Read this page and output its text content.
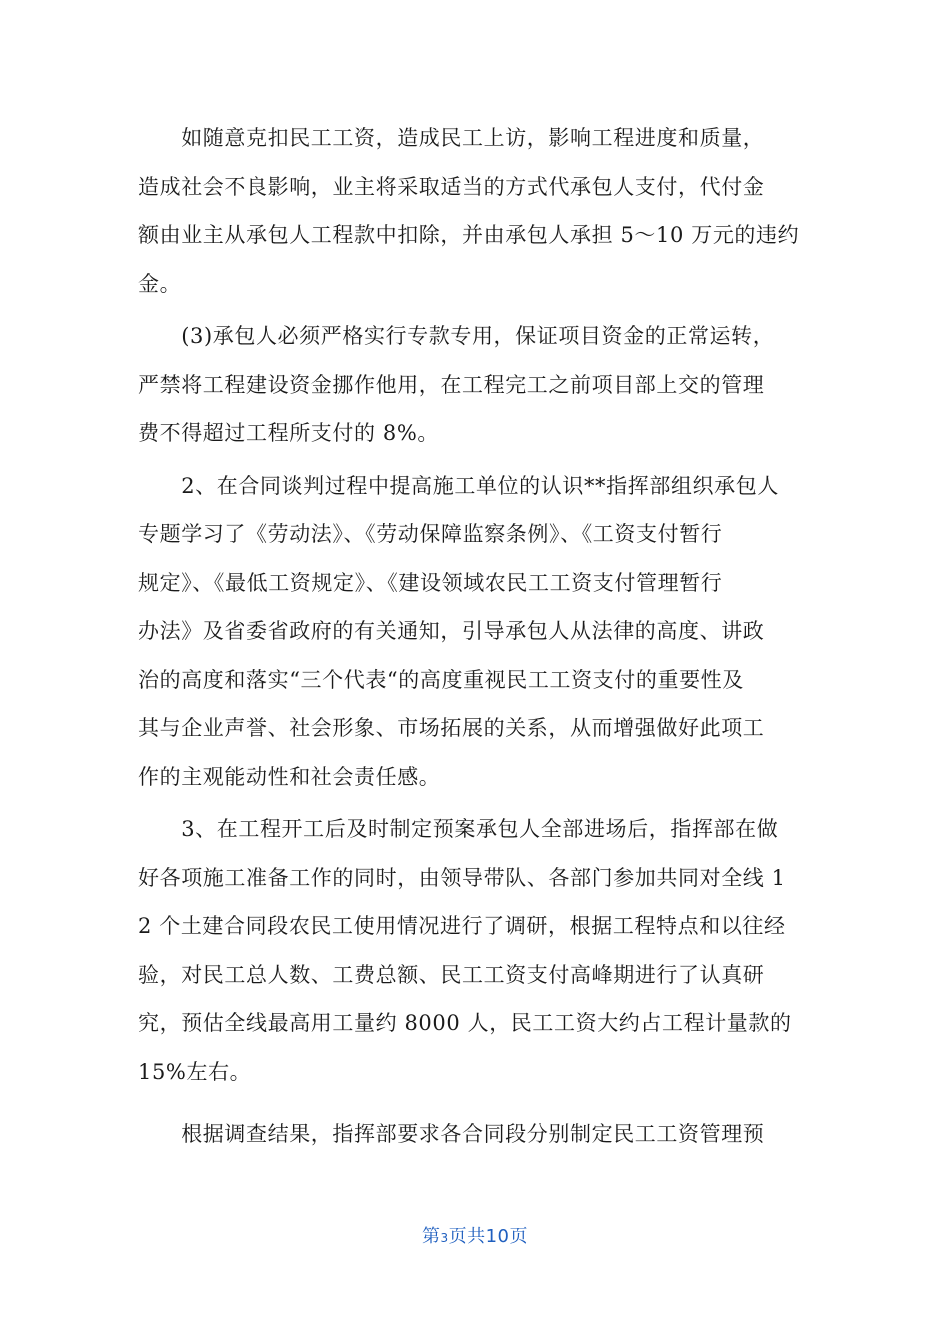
　　如随意克扣民工工资，造成民工上访，影响工程进度和质量，
造成社会不良影响，业主将采取适当的方式代承包人支付，代付金
额由业主从承包人工程款中扣除，并由承包人承担 5～10 万元的违约
金。

　　(3)承包人必须严格实行专款专用，保证项目资金的正常运转，
严禁将工程建设资金挪作他用，在工程完工之前项目部上交的管理
费不得超过工程所支付的 8%。

　　2、在合同谈判过程中提高施工单位的认识**指挥部组织承包人
专题学习了《劳动法》、《劳动保障监察条例》、《工资支付暂行
规定》、《最低工资规定》、《建设领域农民工工资支付管理暂行
办法》及省委省政府的有关通知，引导承包人从法律的高度、讲政
治的高度和落实“三个代表“的高度重视民工工资支付的重要性及
其与企业声誉、社会形象、市场拓展的关系，从而增强做好此项工
作的主观能动性和社会责任感。

　　3、在工程开工后及时制定预案承包人全部进场后，指挥部在做
好各项施工准备工作的同时，由领导带队、各部门参加共同对全线 1
2 个土建合同段农民工使用情况进行了调研，根据工程特点和以往经
验，对民工总人数、工费总额、民工工资支付高峰期进行了认真研
究，预估全线最高用工量约 8000 人，民工工资大约占工程计量款的
15%左右。

　　根据调查结果，指挥部要求各合同段分别制定民工工资管理预

第3页共10页
